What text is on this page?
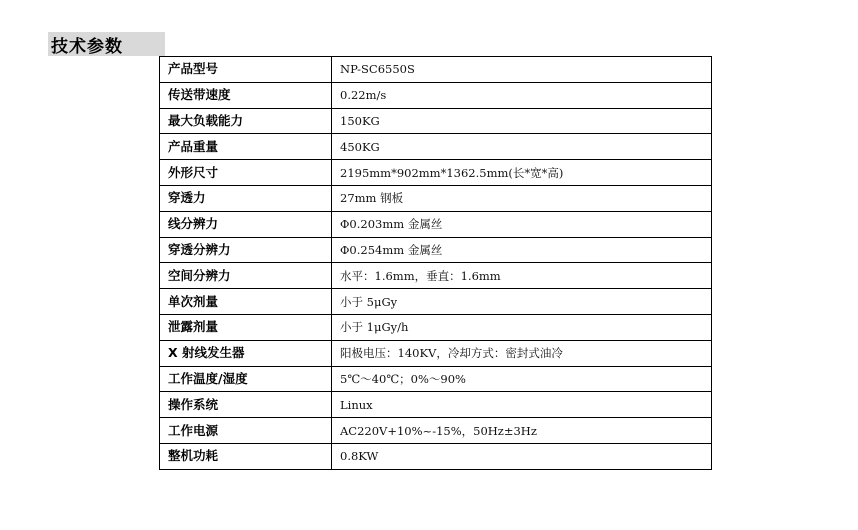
技术参数
产品型号	NP-SC6550S
传送带速度	0.22m/s
最大负载能力	150KG
产品重量	450KG
外形尺寸	2195mm*902mm*1362.5mm(长*宽*高)
穿透力	27mm 钢板
线分辨力	Φ0.203mm 金属丝
穿透分辨力	Φ0.254mm 金属丝
空间分辨力	水平：1.6mm，垂直：1.6mm
单次剂量	小于 5μGy
泄露剂量	小于 1μGy/h
X 射线发生器	阳极电压：140KV，冷却方式：密封式油冷
工作温度/湿度	5℃～40℃；0%～90%
操作系统	Linux
工作电源	AC220V+10%~-15%，50Hz±3Hz
整机功耗	0.8KW
